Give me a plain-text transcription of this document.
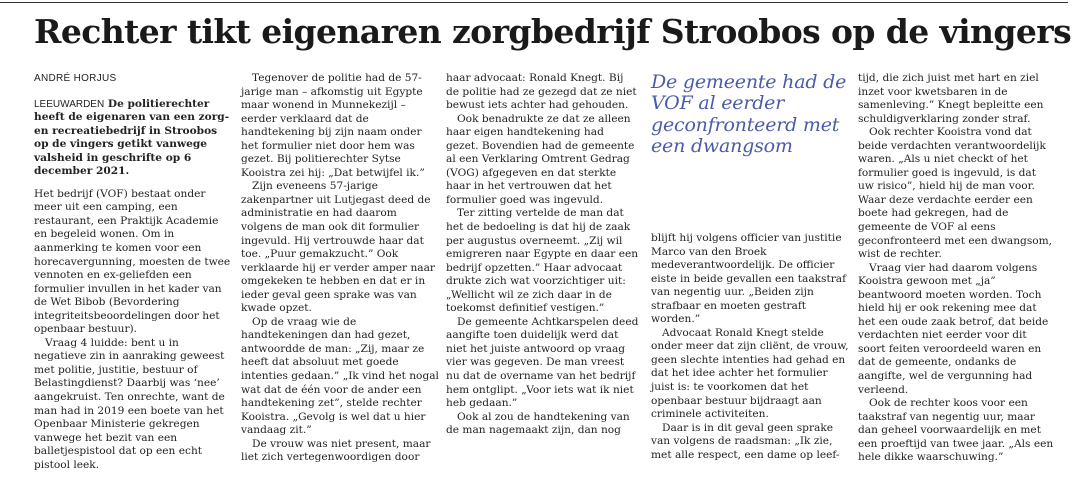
Rechter tikt eigenaren zorgbedrijf Stroobos op de vingers

ANDRÉ HORJUS

LEEUWARDEN De politierechter heeft de eigenaren van een zorg- en recreatiebedrijf in Stroobos op de vingers getikt vanwege valsheid in geschrifte op 6 december 2021.

Het bedrijf (VOF) bestaat onder meer uit een camping, een restaurant, een Praktijk Academie en begeleid wonen. Om in aanmerking te komen voor een horecavergunning, moesten de twee vennoten en ex-geliefden een formulier invullen in het kader van de Wet Bibob (Bevordering integriteitsbeoordelingen door het openbaar bestuur).

Vraag 4 luidde: bent u in negatieve zin in aanraking geweest met politie, justitie, bestuur of Belastingdienst? Daarbij was ‘nee’ aangekruist. Ten onrechte, want de man had in 2019 een boete van het Openbaar Ministerie gekregen vanwege het bezit van een balletjespistool dat op een echt pistool leek.

Tegenover de politie had de 57-jarige man – afkomstig uit Egypte maar wonend in Munnekezijl – eerder verklaard dat de handtekening bij zijn naam onder het formulier niet door hem was gezet. Bij politierechter Sytse Kooistra zei hij: „Dat betwijfel ik.”

Zijn eveneens 57-jarige zakenpartner uit Lutjegast deed de administratie en had daarom volgens de man ook dit formulier ingevuld. Hij vertrouwde haar dat toe. „Puur gemakzucht.” Ook verklaarde hij er verder amper naar omgekeken te hebben en dat er in ieder geval geen sprake was van kwade opzet.

Op de vraag wie de handtekeningen dan had gezet, antwoordde de man: „Zij, maar ze heeft dat absoluut met goede intenties gedaan.” „Ik vind het nogal wat dat de één voor de ander een handtekening zet”, stelde rechter Kooistra. „Gevolg is wel dat u hier vandaag zit.”

De vrouw was niet present, maar liet zich vertegenwoordigen door

haar advocaat: Ronald Knegt. Bij de politie had ze gezegd dat ze niet bewust iets achter had gehouden.

Ook benadrukte ze dat ze alleen haar eigen handtekening had gezet. Bovendien had de gemeente al een Verklaring Omtrent Gedrag (VOG) afgegeven en dat sterkte haar in het vertrouwen dat het formulier goed was ingevuld.

Ter zitting vertelde de man dat het de bedoeling is dat hij de zaak per augustus overneemt. „Zij wil emigreren naar Egypte en daar een bedrijf opzetten.” Haar advocaat drukte zich wat voorzichtiger uit: „Wellicht wil ze zich daar in de toekomst definitief vestigen.”

De gemeente Achtkarspelen deed aangifte toen duidelijk werd dat niet het juiste antwoord op vraag vier was gegeven. De man vreest nu dat de overname van het bedrijf hem ontglipt. „Voor iets wat ik niet heb gedaan.”

Ook al zou de handtekening van de man nagemaakt zijn, dan nog

De gemeente had de VOF al eerder geconfronteerd met een dwangsom

blijft hij volgens officier van justitie Marco van den Broek medeverantwoordelijk. De officier eiste in beide gevallen een taakstraf van negentig uur. „Beiden zijn strafbaar en moeten gestraft worden.”

Advocaat Ronald Knegt stelde onder meer dat zijn cliënt, de vrouw, geen slechte intenties had gehad en dat het idee achter het formulier juist is: te voorkomen dat het openbaar bestuur bijdraagt aan criminele activiteiten.

Daar is in dit geval geen sprake van volgens de raadsman: „Ik zie, met alle respect, een dame op leef-

tijd, die zich juist met hart en ziel inzet voor kwetsbaren in de samenleving.” Knegt bepleitte een schuldigverklaring zonder straf.

Ook rechter Kooistra vond dat beide verdachten verantwoordelijk waren. „Als u niet checkt of het formulier goed is ingevuld, is dat uw risico”, hield hij de man voor. Waar deze verdachte eerder een boete had gekregen, had de gemeente de VOF al eens geconfronteerd met een dwangsom, wist de rechter.

Vraag vier had daarom volgens Kooistra gewoon met „ja” beantwoord moeten worden. Toch hield hij er ook rekening mee dat het een oude zaak betrof, dat beide verdachten niet eerder voor dit soort feiten veroordeeld waren en dat de gemeente, ondanks de aangifte, wel de vergunning had verleend.

Ook de rechter koos voor een taakstraf van negentig uur, maar dan geheel voorwaardelijk en met een proeftijd van twee jaar. „Als een hele dikke waarschuwing.”
